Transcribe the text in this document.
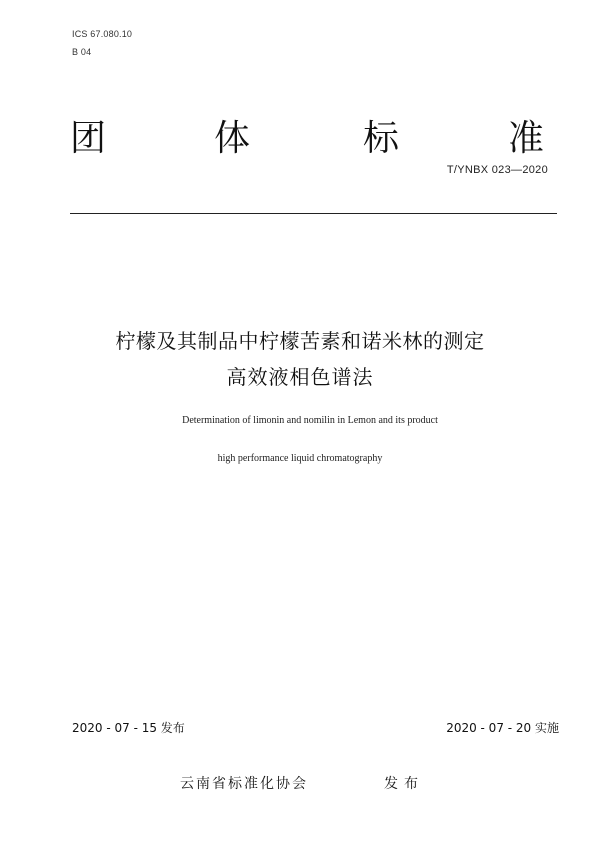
ICS 67.080.10
B 04
团	体	标	准
T/YNBX 023—2020
柠檬及其制品中柠檬苦素和诺米林的测定
高效液相色谱法
Determination of limonin and nomilin in Lemon and its product
high performance liquid chromatography
2020 - 07 - 15 发布	2020 - 07 - 20 实施
云南省标准化协会	发布
